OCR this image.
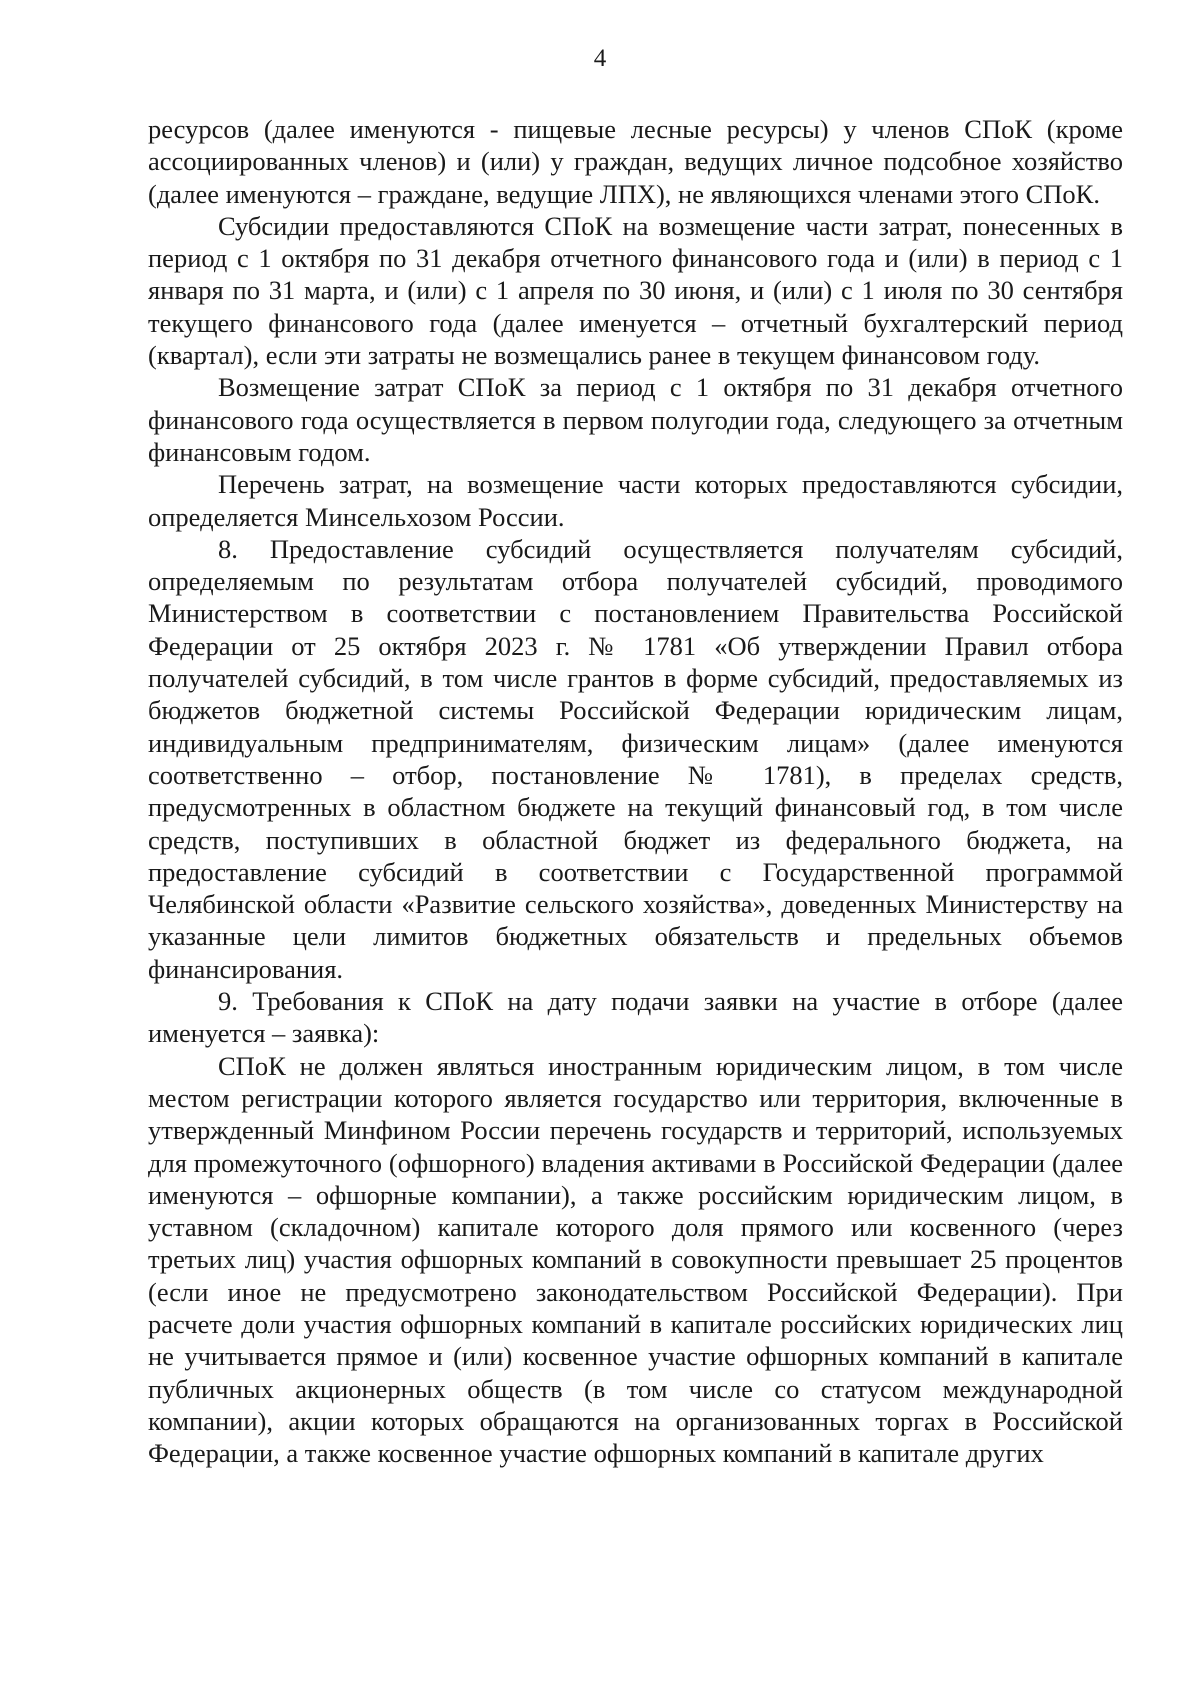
4

ресурсов (далее именуются - пищевые лесные ресурсы) у членов СПоК (кроме ассоциированных членов) и (или) у граждан, ведущих личное подсобное хозяйство (далее именуются – граждане, ведущие ЛПХ), не являющихся членами этого СПоК.

Субсидии предоставляются СПоК на возмещение части затрат, понесенных в период с 1 октября по 31 декабря отчетного финансового года и (или) в период с 1 января по 31 марта, и (или) с 1 апреля по 30 июня, и (или) с 1 июля по 30 сентября текущего финансового года (далее именуется – отчетный бухгалтерский период (квартал), если эти затраты не возмещались ранее в текущем финансовом году.

Возмещение затрат СПоК за период с 1 октября по 31 декабря отчетного финансового года осуществляется в первом полугодии года, следующего за отчетным финансовым годом.

Перечень затрат, на возмещение части которых предоставляются субсидии, определяется Минсельхозом России.

8. Предоставление субсидий осуществляется получателям субсидий, определяемым по результатам отбора получателей субсидий, проводимого Министерством в соответствии с постановлением Правительства Российской Федерации от 25 октября 2023 г. № 1781 «Об утверждении Правил отбора получателей субсидий, в том числе грантов в форме субсидий, предоставляемых из бюджетов бюджетной системы Российской Федерации юридическим лицам, индивидуальным предпринимателям, физическим лицам» (далее именуются соответственно – отбор, постановление № 1781), в пределах средств, предусмотренных в областном бюджете на текущий финансовый год, в том числе средств, поступивших в областной бюджет из федерального бюджета, на предоставление субсидий в соответствии с Государственной программой Челябинской области «Развитие сельского хозяйства», доведенных Министерству на указанные цели лимитов бюджетных обязательств и предельных объемов финансирования.

9. Требования к СПоК на дату подачи заявки на участие в отборе (далее именуется – заявка):

СПоК не должен являться иностранным юридическим лицом, в том числе местом регистрации которого является государство или территория, включенные в утвержденный Минфином России перечень государств и территорий, используемых для промежуточного (офшорного) владения активами в Российской Федерации (далее именуются – офшорные компании), а также российским юридическим лицом, в уставном (складочном) капитале которого доля прямого или косвенного (через третьих лиц) участия офшорных компаний в совокупности превышает 25 процентов (если иное не предусмотрено законодательством Российской Федерации). При расчете доли участия офшорных компаний в капитале российских юридических лиц не учитывается прямое и (или) косвенное участие офшорных компаний в капитале публичных акционерных обществ (в том числе со статусом международной компании), акции которых обращаются на организованных торгах в Российской Федерации, а также косвенное участие офшорных компаний в капитале других
